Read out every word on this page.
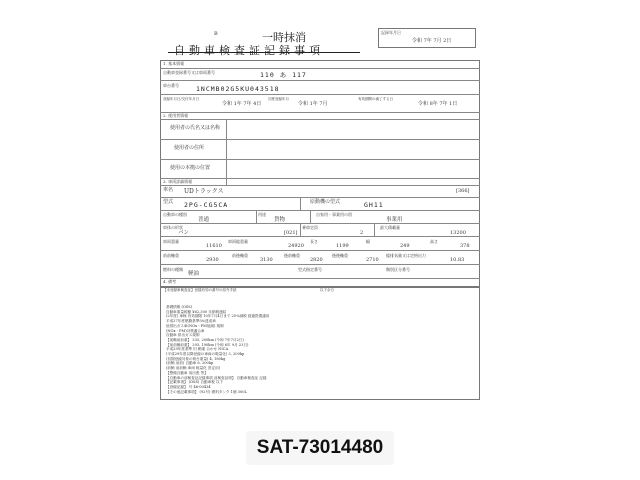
B	一時抹消
自動車検査証記録事項
記録年月日
令和 7年 7月 2日
1. 基本情報
自動車登録番号又は車両番号	110 あ 117
車台番号	1NCMB02G5KU043518
登録年月日/交付年月日
令和 1年 7年 4日
初度登録年月
令和 1年 7月
有効期間の満了する日
令和 8年 7年 1日
2. 使用者情報
使用者の氏名又は名称
使用者の住所
使用の本拠の位置
3. 車両詳細情報
車名 UDトラックス	[366]
型式 2PG-CG5CA	原動機の型式	GH11
自動車の種別
普通
用途
貨物
自家用・事業用の別
事業用
車体の形状
バン	[021]
乗車定員
2
最大積載量
13200
車両重量
11610
車両総重量
24920
長さ
1199
幅
249
高さ
378
前前軸重
2930
前後軸重
3130
後前軸重
2820
後後軸重
2710
総排気量又は定格出力
10.83
燃料の種類
軽油
型式指定番号	類別区分番号
4. 備考
【未登録車検査証】登録有効の番号の紹介手続	以下余白
基礎情報 (OSS)
自動車重量税額 ¥62,300 未納税連結
(2年度) 車検 有効期限 10年7月4日まで 25%減税 経過措置適用
平成27年度燃費基準5%達成車
低排出ガス車(NOx・PM低減) 規制
(NOx・PM)対策適合車
自動車 排出ガス規制
【前軸前前重】 335, 200km (令和 7年7月2日)
【前前軸前重】 293, 190km (令和 6年 9月 23日)
平成29年度基準 旧 軸重 合わせ NICA
(平成29年度以降登録の車両の軽量化) 3, 200kp
(初期登録対象の荷台重量) 4, 180kg
(前軸 前前) 自動車 6, 200kp
(前軸 前前軸 車両 軽量化 設定用)
【整備自動車 前出張 等】
【自動車の前検査証記録事項 前検査証明】 自動車検査証 記録
【記載事項】 (OSS) 自動車税 以下
【登録記録】 号 46-00434
【その他記載事項】 (92号) 燃料タンク 1個 300L
SAT-73014480
